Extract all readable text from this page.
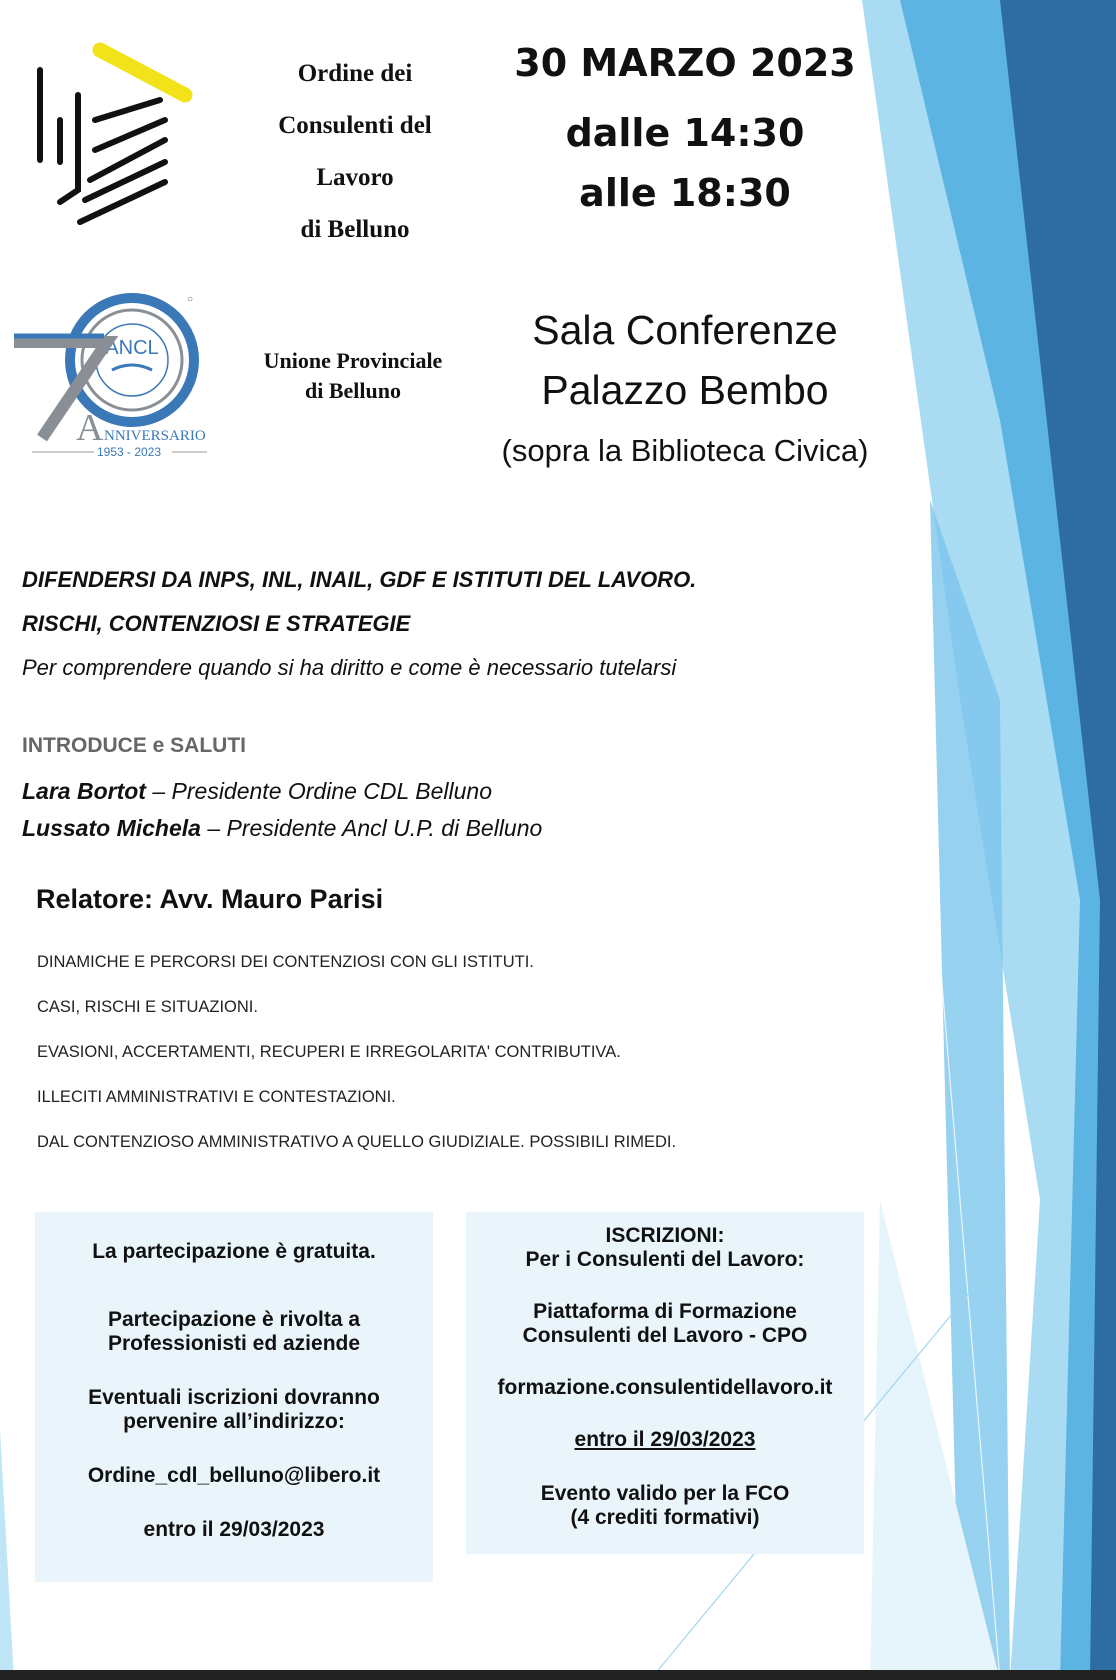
Ordine dei
Consulenti del
Lavoro
di Belluno
30 MARZO 2023
dalle 14:30
alle 18:30
ANCL
○
A NNIVERSARIO
1953 - 2023
Unione Provinciale
di Belluno
Sala Conferenze
Palazzo Bembo
(sopra la Biblioteca Civica)
DIFENDERSI DA INPS, INL, INAIL, GDF E ISTITUTI DEL LAVORO.
RISCHI, CONTENZIOSI E STRATEGIE
Per comprendere quando si ha diritto e come è necessario tutelarsi
INTRODUCE e SALUTI
Lara Bortot – Presidente Ordine CDL Belluno
Lussato Michela – Presidente Ancl U.P. di Belluno
Relatore: Avv. Mauro Parisi
DINAMICHE E PERCORSI DEI CONTENZIOSI CON GLI ISTITUTI.
CASI, RISCHI E SITUAZIONI.
EVASIONI, ACCERTAMENTI, RECUPERI E IRREGOLARITA' CONTRIBUTIVA.
ILLECITI AMMINISTRATIVI E CONTESTAZIONI.
DAL CONTENZIOSO AMMINISTRATIVO A QUELLO GIUDIZIALE. POSSIBILI RIMEDI.

La partecipazione è gratuita.

Partecipazione è rivolta a

Professionisti ed aziende

Eventuali iscrizioni dovranno

pervenire all’indirizzo:

Ordine_cdl_belluno@libero.it

entro il 29/03/2023

ISCRIZIONI:

Per i Consulenti del Lavoro:

Piattaforma di Formazione

Consulenti del Lavoro - CPO

formazione.consulentidellavoro.it

entro il 29/03/2023

Evento valido per la FCO

(4 crediti formativi)
